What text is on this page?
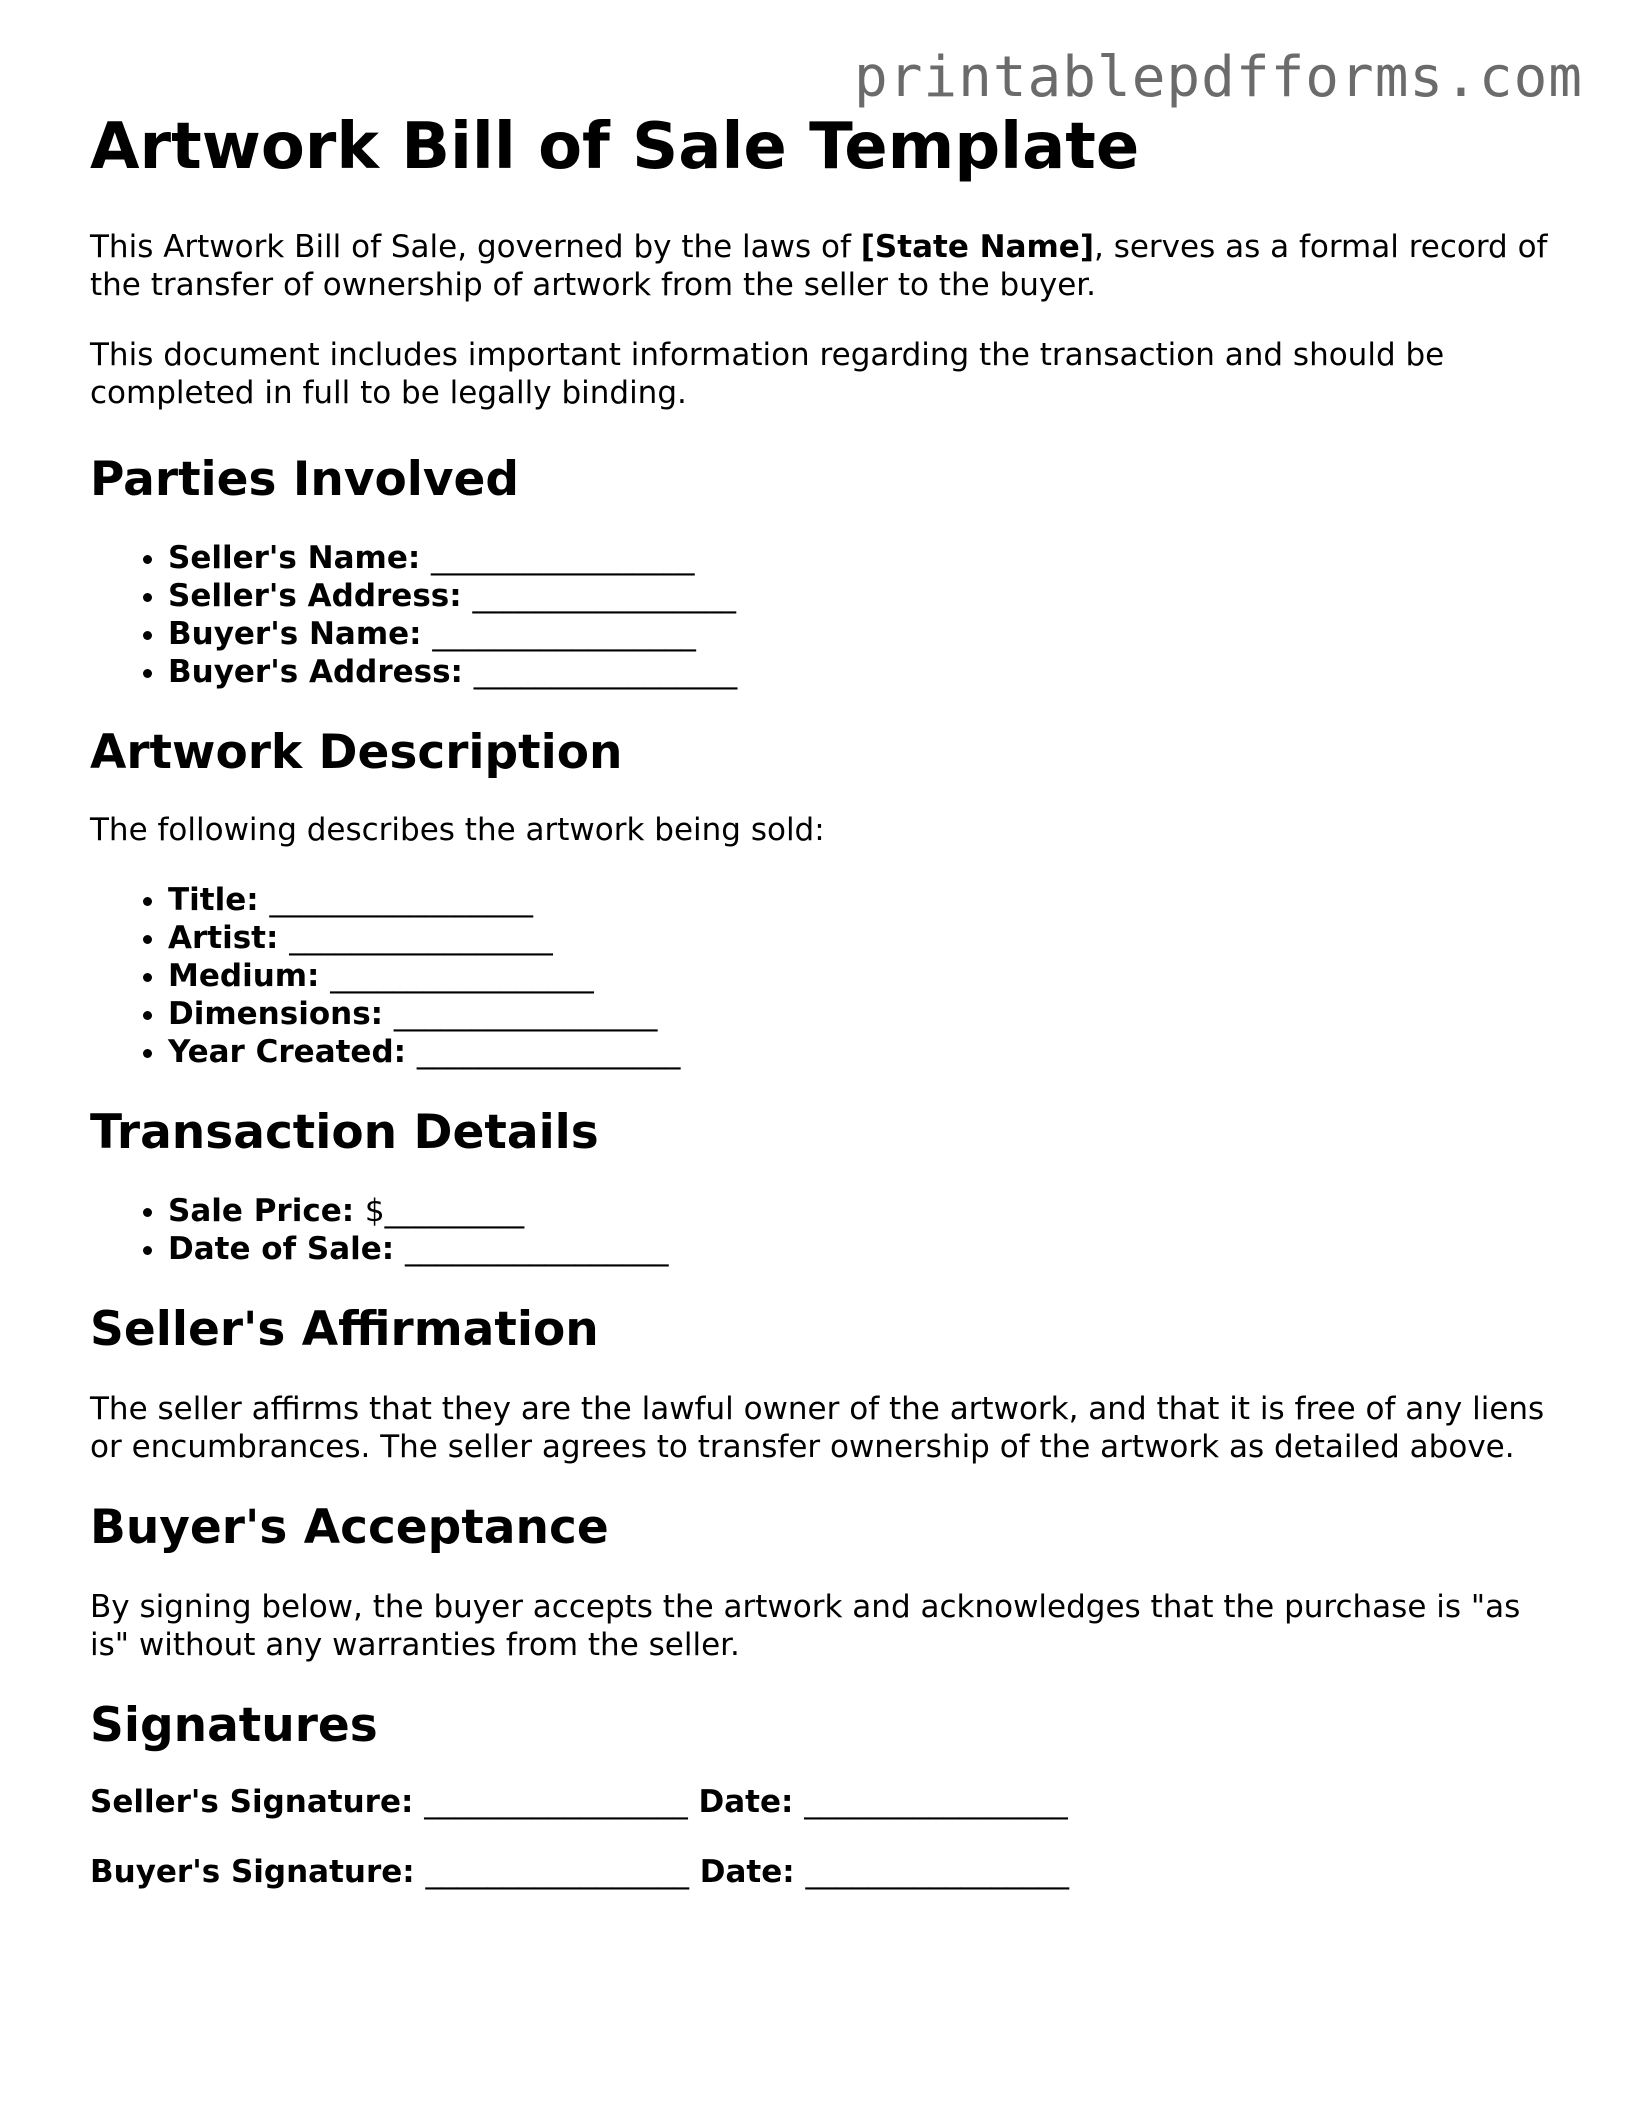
printablepdfforms.com
Artwork Bill of Sale Template

This Artwork Bill of Sale, governed by the laws of [State Name], serves as a formal record of the transfer of ownership of artwork from the seller to the buyer.

This document includes important information regarding the transaction and should be completed in full to be legally binding.

Parties Involved
• Seller's Name: _________________
• Seller's Address: _________________
• Buyer's Name: _________________
• Buyer's Address: _________________
Artwork Description

The following describes the artwork being sold:

• Title: _________________
• Artist: _________________
• Medium: _________________
• Dimensions: _________________
• Year Created: _________________
Transaction Details
• Sale Price: $_________
• Date of Sale: _________________
Seller's Affirmation

The seller affirms that they are the lawful owner of the artwork, and that it is free of any liens or encumbrances. The seller agrees to transfer ownership of the artwork as detailed above.

Buyer's Acceptance

By signing below, the buyer accepts the artwork and acknowledges that the purchase is "as is" without any warranties from the seller.

Signatures
Seller's Signature: _________________ Date: _________________
Buyer's Signature: _________________ Date: _________________
